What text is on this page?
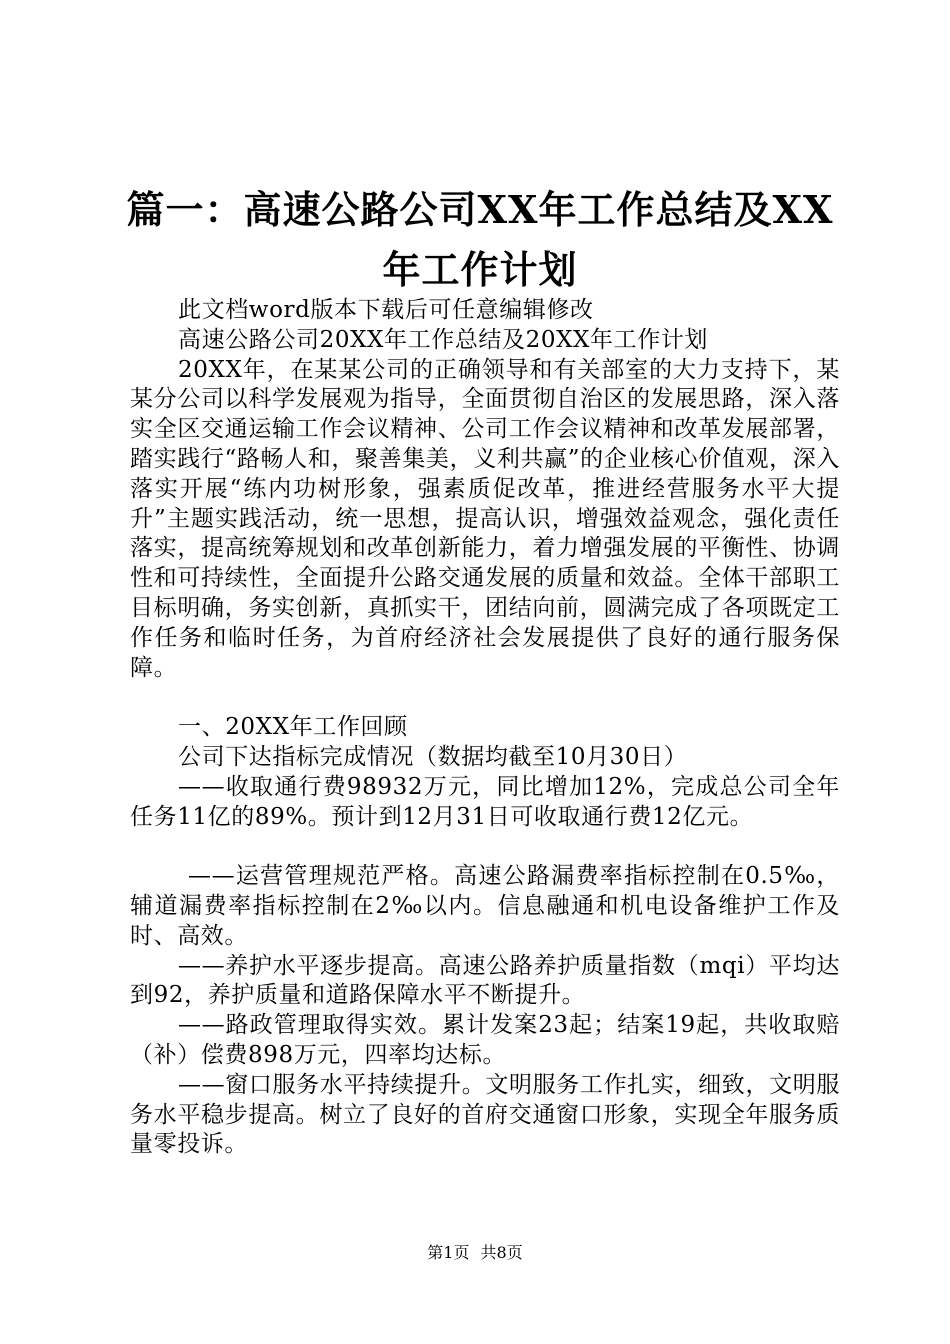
篇一：高速公路公司XX年工作总结及XX年工作计划

此文档word版本下载后可任意编辑修改

高速公路公司20XX年工作总结及20XX年工作计划

20XX年，在某某公司的正确领导和有关部室的大力支持下，某某分公司以科学发展观为指导，全面贯彻自治区的发展思路，深入落实全区交通运输工作会议精神、公司工作会议精神和改革发展部署，踏实践行“路畅人和，聚善集美，义利共赢”的企业核心价值观，深入落实开展“练内功树形象，强素质促改革，推进经营服务水平大提升”主题实践活动，统一思想，提高认识，增强效益观念，强化责任落实，提高统筹规划和改革创新能力，着力增强发展的平衡性、协调性和可持续性，全面提升公路交通发展的质量和效益。全体干部职工目标明确，务实创新，真抓实干，团结向前，圆满完成了各项既定工作任务和临时任务，为首府经济社会发展提供了良好的通行服务保障。

一、20XX年工作回顾

公司下达指标完成情况（数据均截至10月30日）

——收取通行费98932万元，同比增加12%，完成总公司全年任务11亿的89%。预计到12月31日可收取通行费12亿元。

——运营管理规范严格。高速公路漏费率指标控制在0.5‰，辅道漏费率指标控制在2‰以内。信息融通和机电设备维护工作及时、高效。

——养护水平逐步提高。高速公路养护质量指数（mqi）平均达到92，养护质量和道路保障水平不断提升。

——路政管理取得实效。累计发案23起；结案19起，共收取赔（补）偿费898万元，四率均达标。

——窗口服务水平持续提升。文明服务工作扎实，细致，文明服务水平稳步提高。树立了良好的首府交通窗口形象，实现全年服务质量零投诉。

第1页 共8页
